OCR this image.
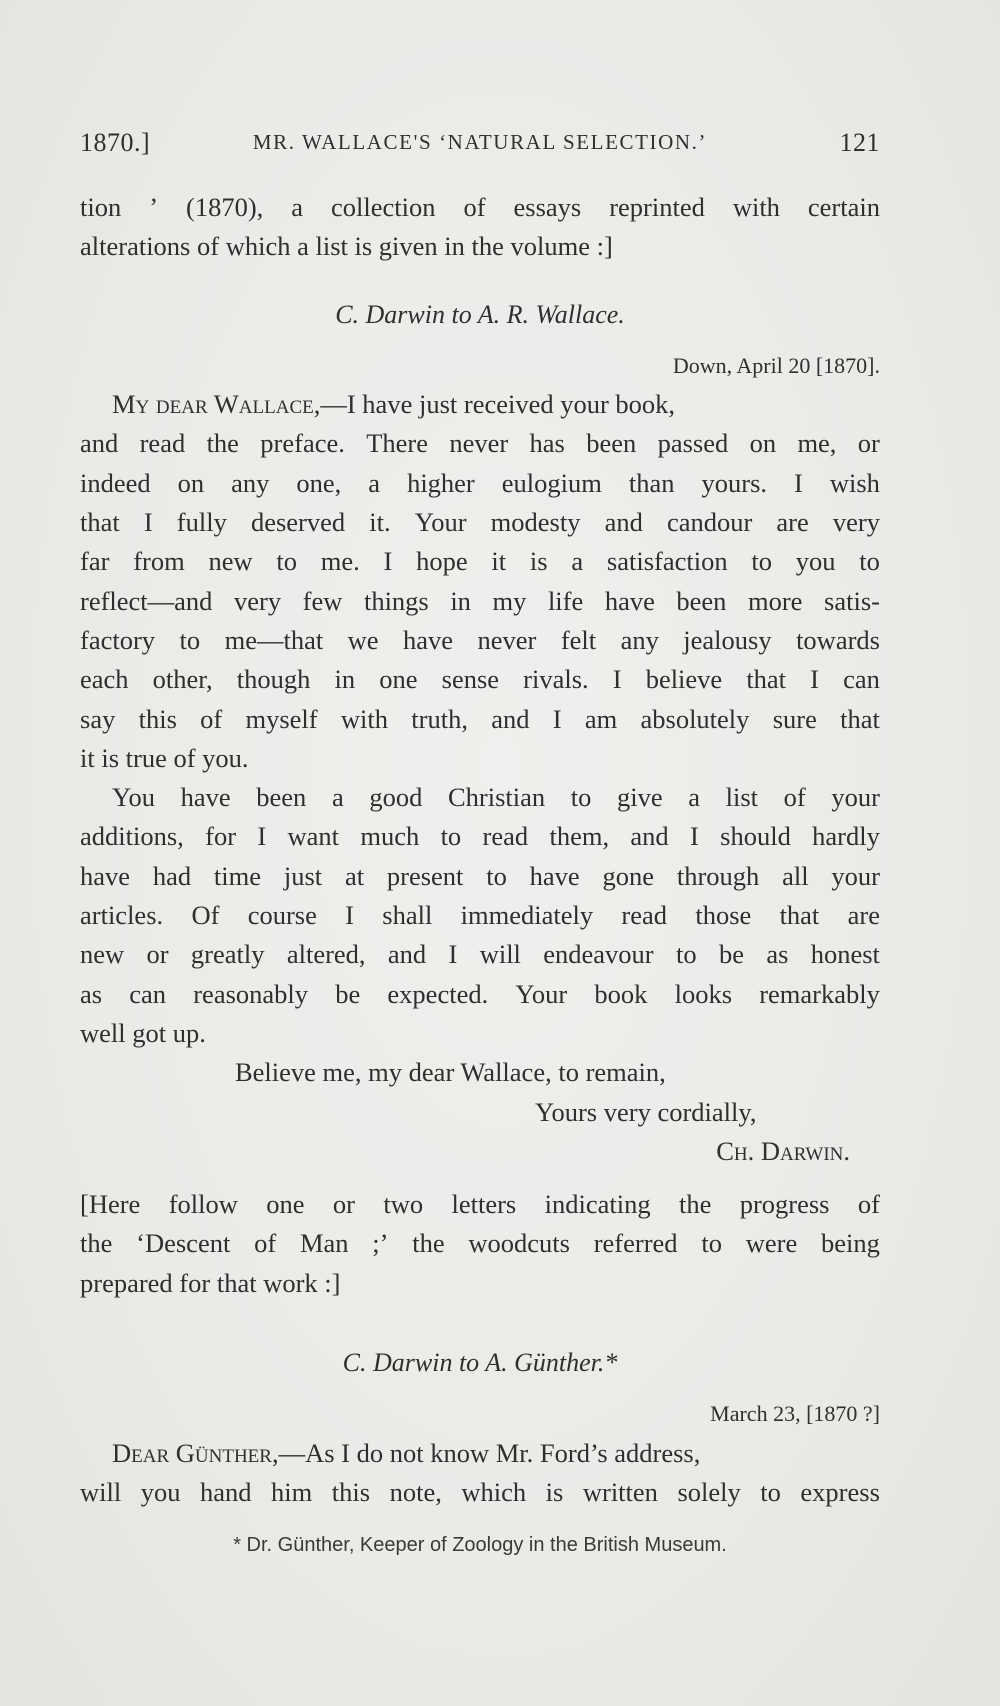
1870.]	MR. WALLACE'S ‘NATURAL SELECTION.’	121
tion ’ (1870), a collection of essays reprinted with certain
alterations of which a list is given in the volume :]
C. Darwin to A. R. Wallace.
Down, April 20 [1870].
My dear Wallace,—I have just received your book,
and read the preface. There never has been passed on me, or
indeed on any one, a higher eulogium than yours. I wish
that I fully deserved it. Your modesty and candour are very
far from new to me. I hope it is a satisfaction to you to
reflect—and very few things in my life have been more satis-
factory to me—that we have never felt any jealousy towards
each other, though in one sense rivals. I believe that I can
say this of myself with truth, and I am absolutely sure that
it is true of you.
You have been a good Christian to give a list of your
additions, for I want much to read them, and I should hardly
have had time just at present to have gone through all your
articles. Of course I shall immediately read those that are
new or greatly altered, and I will endeavour to be as honest
as can reasonably be expected. Your book looks remarkably
well got up.
Believe me, my dear Wallace, to remain,
Yours very cordially,
Ch. Darwin.
[Here follow one or two letters indicating the progress of
the ‘Descent of Man ;’ the woodcuts referred to were being
prepared for that work :]
C. Darwin to A. Günther.*
March 23, [1870 ?]
Dear Günther,—As I do not know Mr. Ford’s address,
will you hand him this note, which is written solely to express
* Dr. Günther, Keeper of Zoology in the British Museum.
